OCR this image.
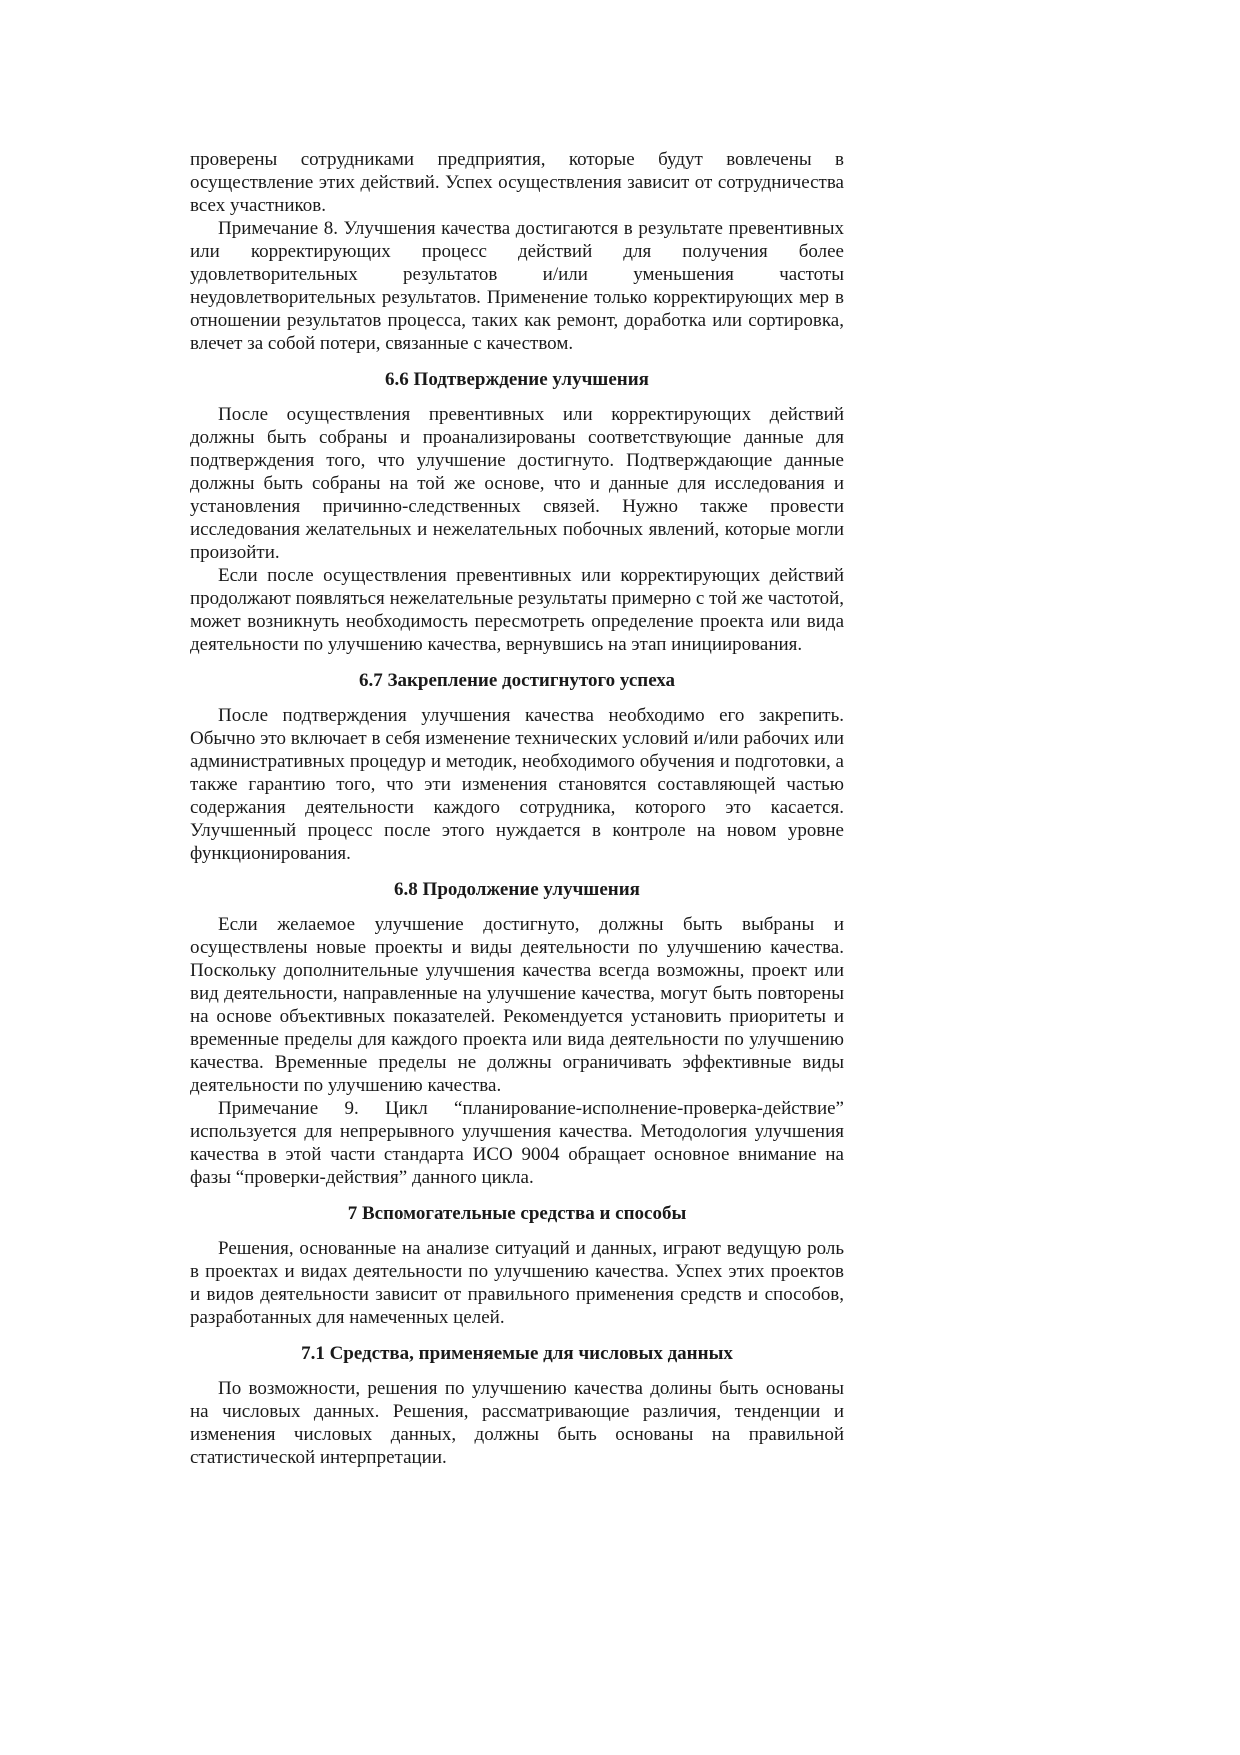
проверены сотрудниками предприятия, которые будут вовлечены в осуществление этих действий. Успех осуществления зависит от сотрудничества всех участников.

Примечание 8. Улучшения качества достигаются в результате превентивных или корректирующих процесс действий для получения более удовлетворительных результатов и/или уменьшения частоты неудовлетворительных результатов. Применение только корректирующих мер в отношении результатов процесса, таких как ремонт, доработка или сортировка, влечет за собой потери, связанные с качеством.

6.6 Подтверждение улучшения

После осуществления превентивных или корректирующих действий должны быть собраны и проанализированы соответствующие данные для подтверждения того, что улучшение достигнуто. Подтверждающие данные должны быть собраны на той же основе, что и данные для исследования и установления причинно-следственных связей. Нужно также провести исследования желательных и нежелательных побочных явлений, которые могли произойти.

Если после осуществления превентивных или корректирующих действий продолжают появляться нежелательные результаты примерно с той же частотой, может возникнуть необходимость пересмотреть определение проекта или вида деятельности по улучшению качества, вернувшись на этап инициирования.

6.7 Закрепление достигнутого успеха

После подтверждения улучшения качества необходимо его закрепить. Обычно это включает в себя изменение технических условий и/или рабочих или административных процедур и методик, необходимого обучения и подготовки, а также гарантию того, что эти изменения становятся составляющей частью содержания деятельности каждого сотрудника, которого это касается. Улучшенный процесс после этого нуждается в контроле на новом уровне функционирования.

6.8 Продолжение улучшения

Если желаемое улучшение достигнуто, должны быть выбраны и осуществлены новые проекты и виды деятельности по улучшению качества. Поскольку дополнительные улучшения качества всегда возможны, проект или вид деятельности, направленные на улучшение качества, могут быть повторены на основе объективных показателей. Рекомендуется установить приоритеты и временные пределы для каждого проекта или вида деятельности по улучшению качества. Временные пределы не должны ограничивать эффективные виды деятельности по улучшению качества.

Примечание 9. Цикл “планирование-исполнение-проверка-действие” используется для непрерывного улучшения качества. Методология улучшения качества в этой части стандарта ИСО 9004 обращает основное внимание на фазы “проверки-действия” данного цикла.

7 Вспомогательные средства и способы

Решения, основанные на анализе ситуаций и данных, играют ведущую роль в проектах и видах деятельности по улучшению качества. Успех этих проектов и видов деятельности зависит от правильного применения средств и способов, разработанных для намеченных целей.

7.1 Средства, применяемые для числовых данных

По возможности, решения по улучшению качества долины быть основаны на числовых данных. Решения, рассматривающие различия, тенденции и изменения числовых данных, должны быть основаны на правильной статистической интерпретации.
